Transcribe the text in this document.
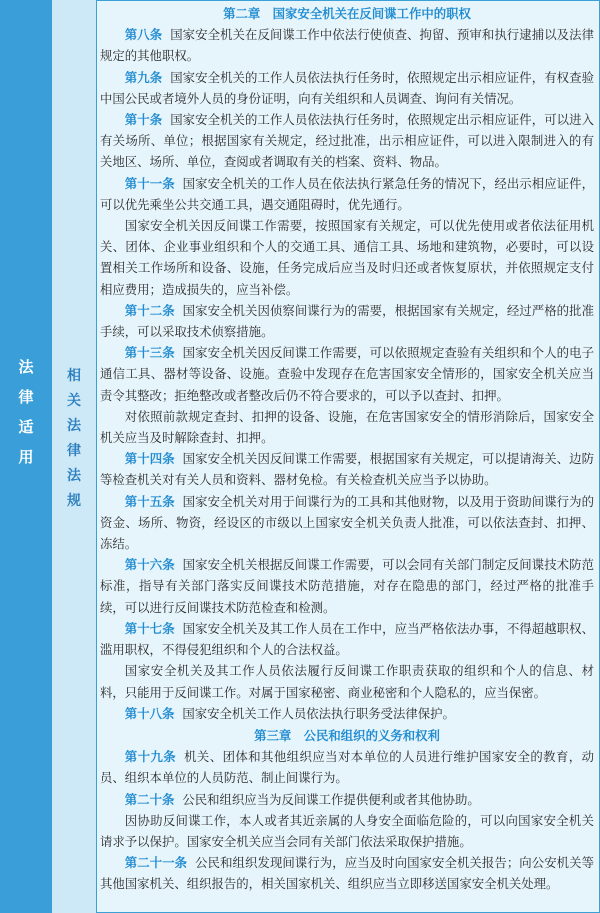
法
律
适
用
相
关
法
律
法
规
第二章　国家安全机关在反间谍工作中的职权

第八条 国家安全机关在反间谍工作中依法行使侦查、拘留、预审和执行逮捕以及法律规定的其他职权。

第九条 国家安全机关的工作人员依法执行任务时，依照规定出示相应证件，有权查验中国公民或者境外人员的身份证明，向有关组织和人员调查、询问有关情况。

第十条 国家安全机关的工作人员依法执行任务时，依照规定出示相应证件，可以进入有关场所、单位；根据国家有关规定，经过批准，出示相应证件，可以进入限制进入的有关地区、场所、单位，查阅或者调取有关的档案、资料、物品。

第十一条 国家安全机关的工作人员在依法执行紧急任务的情况下，经出示相应证件，可以优先乘坐公共交通工具，遇交通阻碍时，优先通行。

国家安全机关因反间谍工作需要，按照国家有关规定，可以优先使用或者依法征用机关、团体、企业事业组织和个人的交通工具、通信工具、场地和建筑物，必要时，可以设置相关工作场所和设备、设施，任务完成后应当及时归还或者恢复原状，并依照规定支付相应费用；造成损失的，应当补偿。

第十二条 国家安全机关因侦察间谍行为的需要，根据国家有关规定，经过严格的批准手续，可以采取技术侦察措施。

第十三条 国家安全机关因反间谍工作需要，可以依照规定查验有关组织和个人的电子通信工具、器材等设备、设施。查验中发现存在危害国家安全情形的，国家安全机关应当责令其整改；拒绝整改或者整改后仍不符合要求的，可以予以查封、扣押。

对依照前款规定查封、扣押的设备、设施，在危害国家安全的情形消除后，国家安全机关应当及时解除查封、扣押。

第十四条 国家安全机关因反间谍工作需要，根据国家有关规定，可以提请海关、边防等检查机关对有关人员和资料、器材免检。有关检查机关应当予以协助。

第十五条 国家安全机关对用于间谍行为的工具和其他财物，以及用于资助间谍行为的资金、场所、物资，经设区的市级以上国家安全机关负责人批准，可以依法查封、扣押、冻结。

第十六条 国家安全机关根据反间谍工作需要，可以会同有关部门制定反间谍技术防范标准，指导有关部门落实反间谍技术防范措施，对存在隐患的部门，经过严格的批准手续，可以进行反间谍技术防范检查和检测。

第十七条 国家安全机关及其工作人员在工作中，应当严格依法办事，不得超越职权、滥用职权，不得侵犯组织和个人的合法权益。

国家安全机关及其工作人员依法履行反间谍工作职责获取的组织和个人的信息、材料，只能用于反间谍工作。对属于国家秘密、商业秘密和个人隐私的，应当保密。

第十八条 国家安全机关工作人员依法执行职务受法律保护。

第三章　公民和组织的义务和权利

第十九条 机关、团体和其他组织应当对本单位的人员进行维护国家安全的教育，动员、组织本单位的人员防范、制止间谍行为。

第二十条 公民和组织应当为反间谍工作提供便利或者其他协助。

因协助反间谍工作，本人或者其近亲属的人身安全面临危险的，可以向国家安全机关请求予以保护。国家安全机关应当会同有关部门依法采取保护措施。

第二十一条 公民和组织发现间谍行为，应当及时向国家安全机关报告；向公安机关等其他国家机关、组织报告的，相关国家机关、组织应当立即移送国家安全机关处理。
